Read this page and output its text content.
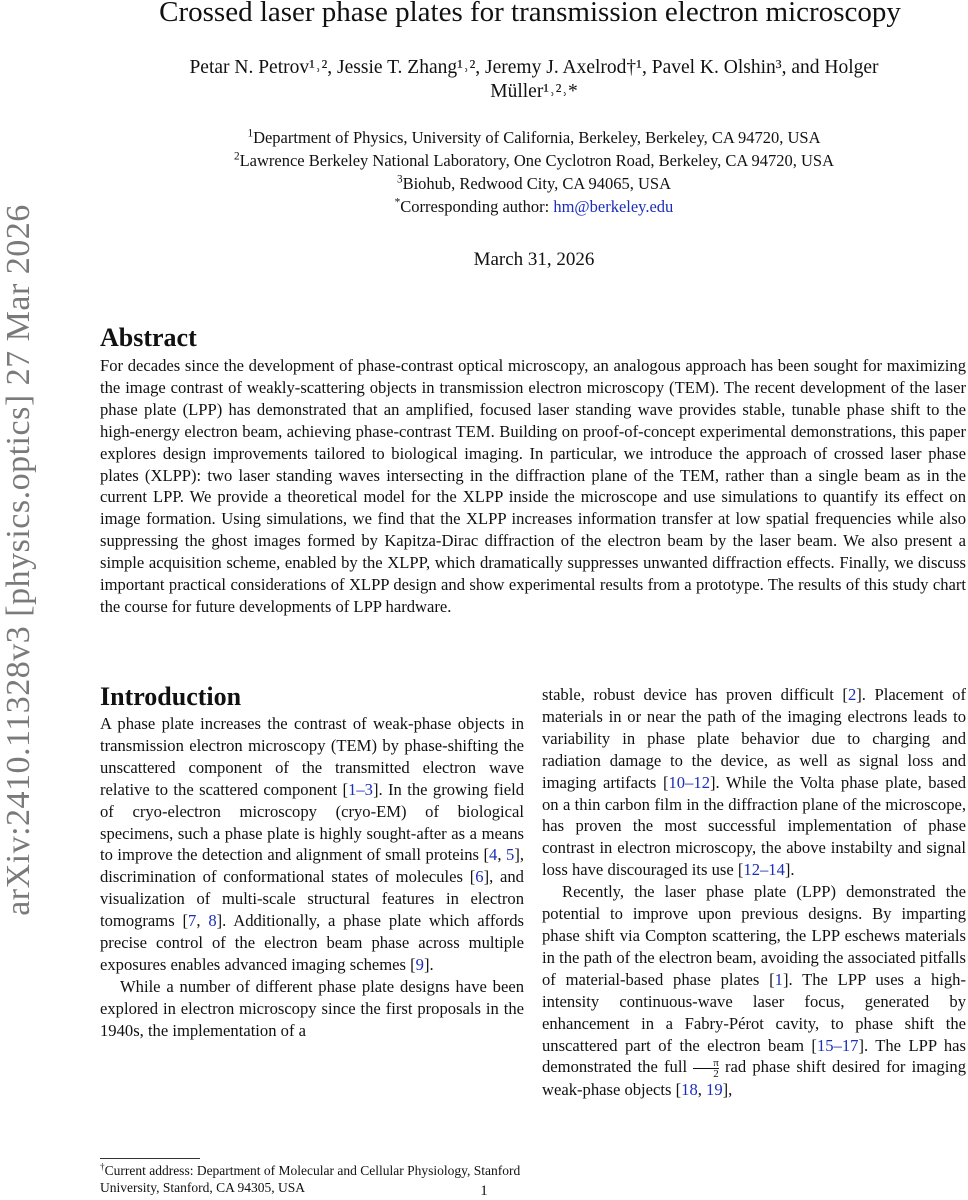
arXiv:2410.11328v3 [physics.optics] 27 Mar 2026
Crossed laser phase plates for transmission electron microscopy
Petar N. Petrov¹˒², Jessie T. Zhang¹˒², Jeremy J. Axelrod†¹, Pavel K. Olshin³, and Holger
Müller¹˒²˒*
$^1$Department of Physics, University of California, Berkeley, Berkeley, CA 94720, USA
$^2$Lawrence Berkeley National Laboratory, One Cyclotron Road, Berkeley, CA 94720, USA
$^3$Biohub, Redwood City, CA 94065, USA
*Corresponding author: hm@berkeley.edu
March 31, 2026
Abstract
For decades since the development of phase-contrast optical microscopy, an analogous approach has been sought for maximizing the image contrast of weakly-scattering objects in transmission electron microscopy (TEM). The recent development of the laser phase plate (LPP) has demonstrated that an amplified, focused laser standing wave provides stable, tunable phase shift to the high-energy electron beam, achieving phase-contrast TEM. Building on proof-of-concept experimental demonstrations, this paper explores design improvements tailored to biological imaging. In particular, we introduce the approach of crossed laser phase plates (XLPP): two laser standing waves intersecting in the diffraction plane of the TEM, rather than a single beam as in the current LPP. We provide a theoretical model for the XLPP inside the microscope and use simulations to quantify its effect on image formation. Using simulations, we find that the XLPP increases information transfer at low spatial frequencies while also suppressing the ghost images formed by Kapitza-Dirac diffraction of the electron beam by the laser beam. We also present a simple acquisition scheme, enabled by the XLPP, which dramatically suppresses unwanted diffraction effects. Finally, we discuss important practical considerations of XLPP design and show experimental results from a prototype. The results of this study chart the course for future developments of LPP hardware.
Introduction

A phase plate increases the contrast of weak-phase objects in transmission electron microscopy (TEM) by phase-shifting the unscattered component of the transmitted electron wave relative to the scattered component [1–3]. In the growing field of cryo-electron microscopy (cryo-EM) of biological specimens, such a phase plate is highly sought-after as a means to improve the detection and alignment of small proteins [4, 5], discrimination of conformational states of molecules [6], and visualization of multi-scale structural features in electron tomograms [7, 8]. Additionally, a phase plate which affords precise control of the electron beam phase across multiple exposures enables advanced imaging schemes [9].

While a number of different phase plate designs have been explored in electron microscopy since the first proposals in the 1940s, the implementation of a

stable, robust device has proven difficult [2]. Placement of materials in or near the path of the imaging electrons leads to variability in phase plate behavior due to charging and radiation damage to the device, as well as signal loss and imaging artifacts [10–12]. While the Volta phase plate, based on a thin carbon film in the diffraction plane of the microscope, has proven the most successful implementation of phase contrast in electron microscopy, the above instabilty and signal loss have discouraged its use [12–14].

Recently, the laser phase plate (LPP) demonstrated the potential to improve upon previous designs. By imparting phase shift via Compton scattering, the LPP eschews materials in the path of the electron beam, avoiding the associated pitfalls of material-based phase plates [1]. The LPP uses a high-intensity continuous-wave laser focus, generated by enhancement in a Fabry-Pérot cavity, to phase shift the unscattered part of the electron beam [15–17]. The LPP has demonstrated the full $\frac{\pi}{2}$ rad phase shift desired for imaging weak-phase objects [18, 19],

†Current address: Department of Molecular and Cellular Physiology, Stanford University, Stanford, CA 94305, USA	1
